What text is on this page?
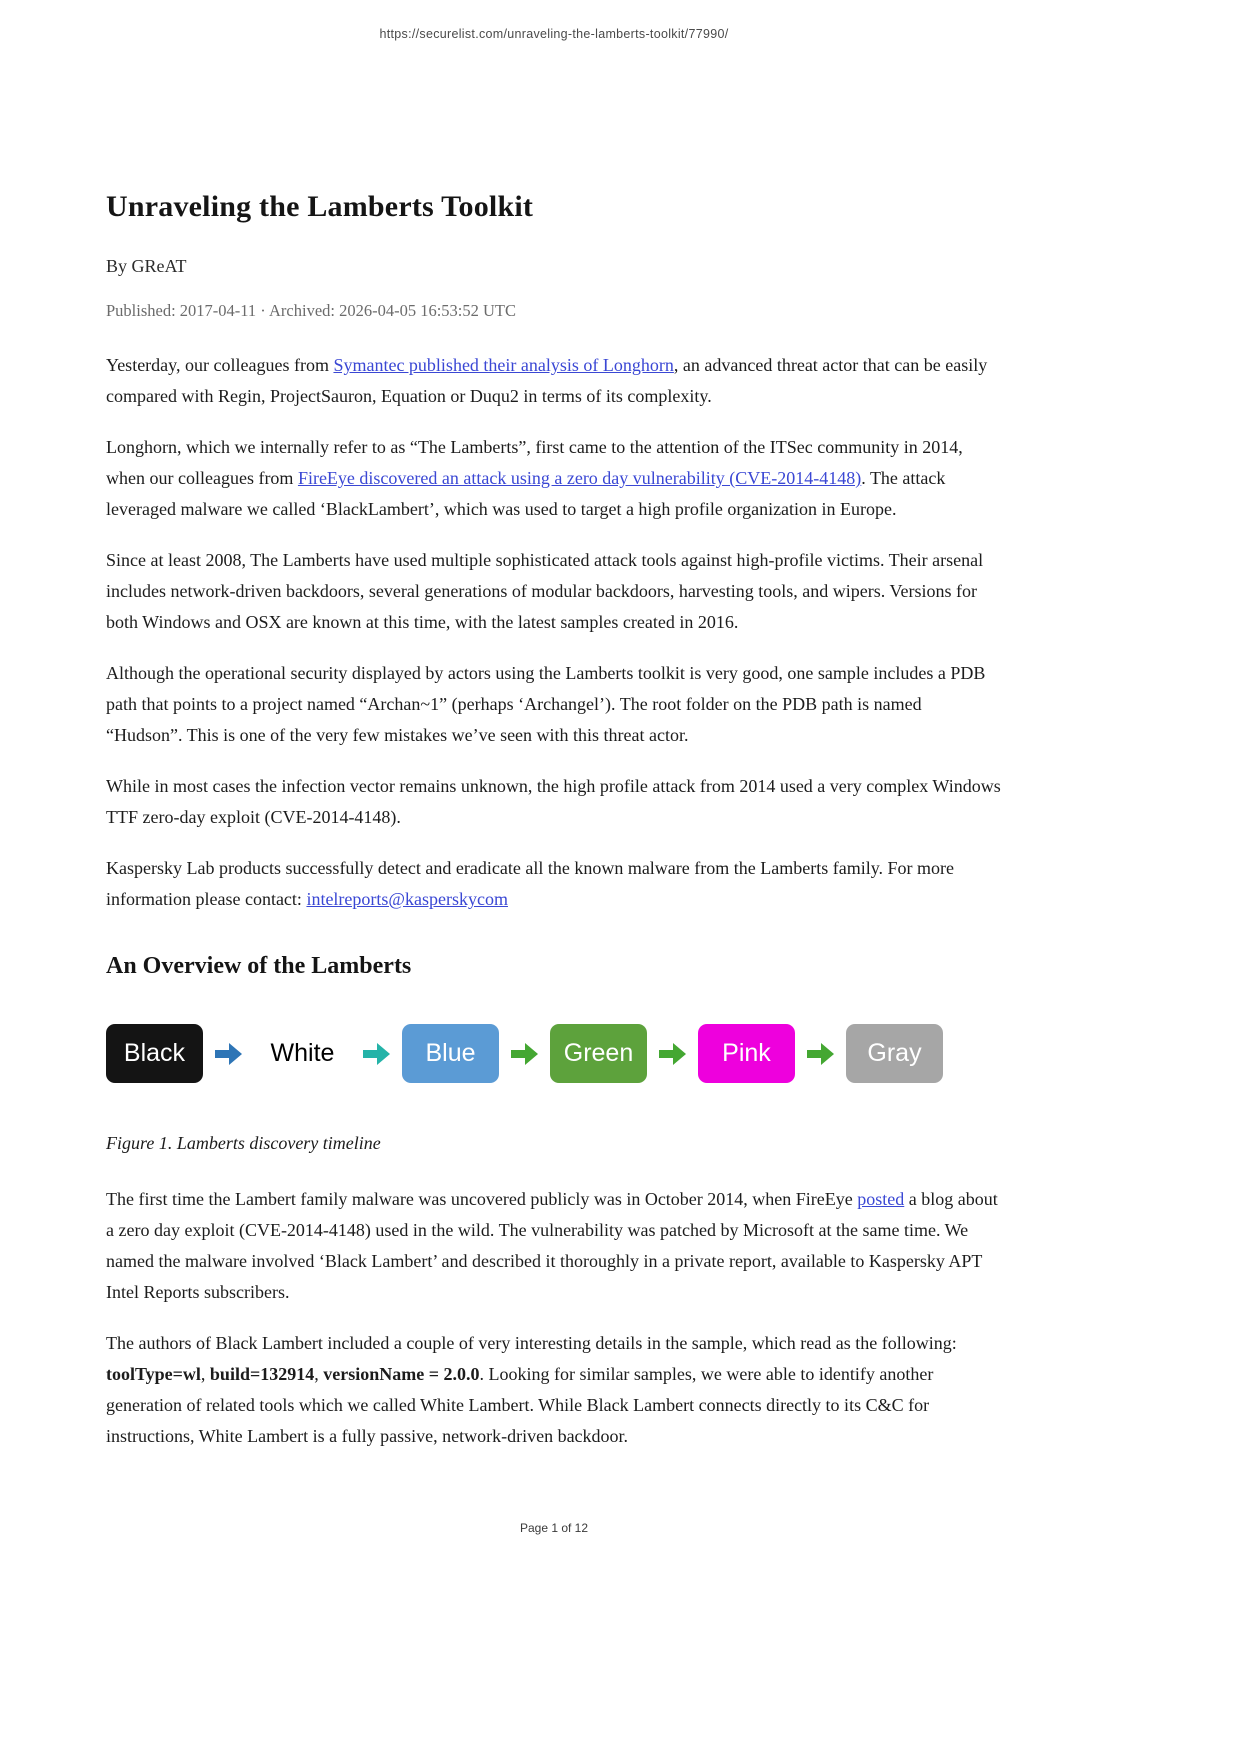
https://securelist.com/unraveling-the-lamberts-toolkit/77990/
Unraveling the Lamberts Toolkit
By GReAT
Published: 2017-04-11 · Archived: 2026-04-05 16:53:52 UTC

Yesterday, our colleagues from Symantec published their analysis of Longhorn, an advanced threat actor that can be easily compared with Regin, ProjectSauron, Equation or Duqu2 in terms of its complexity.

Longhorn, which we internally refer to as “The Lamberts”, first came to the attention of the ITSec community in 2014, when our colleagues from FireEye discovered an attack using a zero day vulnerability (CVE-2014-4148). The attack leveraged malware we called ‘BlackLambert’, which was used to target a high profile organization in Europe.

Since at least 2008, The Lamberts have used multiple sophisticated attack tools against high-profile victims. Their arsenal includes network-driven backdoors, several generations of modular backdoors, harvesting tools, and wipers. Versions for both Windows and OSX are known at this time, with the latest samples created in 2016.

Although the operational security displayed by actors using the Lamberts toolkit is very good, one sample includes a PDB path that points to a project named “Archan~1” (perhaps ‘Archangel’). The root folder on the PDB path is named “Hudson”. This is one of the very few mistakes we’ve seen with this threat actor.

While in most cases the infection vector remains unknown, the high profile attack from 2014 used a very complex Windows TTF zero-day exploit (CVE-2014-4148).

Kaspersky Lab products successfully detect and eradicate all the known malware from the Lamberts family. For more information please contact: intelreports@kasperskycom

An Overview of the Lamberts
Black	White	Blue	Green	Pink	Gray
Figure 1. Lamberts discovery timeline

The first time the Lambert family malware was uncovered publicly was in October 2014, when FireEye posted a blog about a zero day exploit (CVE-2014-4148) used in the wild. The vulnerability was patched by Microsoft at the same time. We named the malware involved ‘Black Lambert’ and described it thoroughly in a private report, available to Kaspersky APT Intel Reports subscribers.

The authors of Black Lambert included a couple of very interesting details in the sample, which read as the following: toolType=wl, build=132914, versionName = 2.0.0. Looking for similar samples, we were able to identify another generation of related tools which we called White Lambert. While Black Lambert connects directly to its C&C for instructions, White Lambert is a fully passive, network-driven backdoor.

Page 1 of 12
